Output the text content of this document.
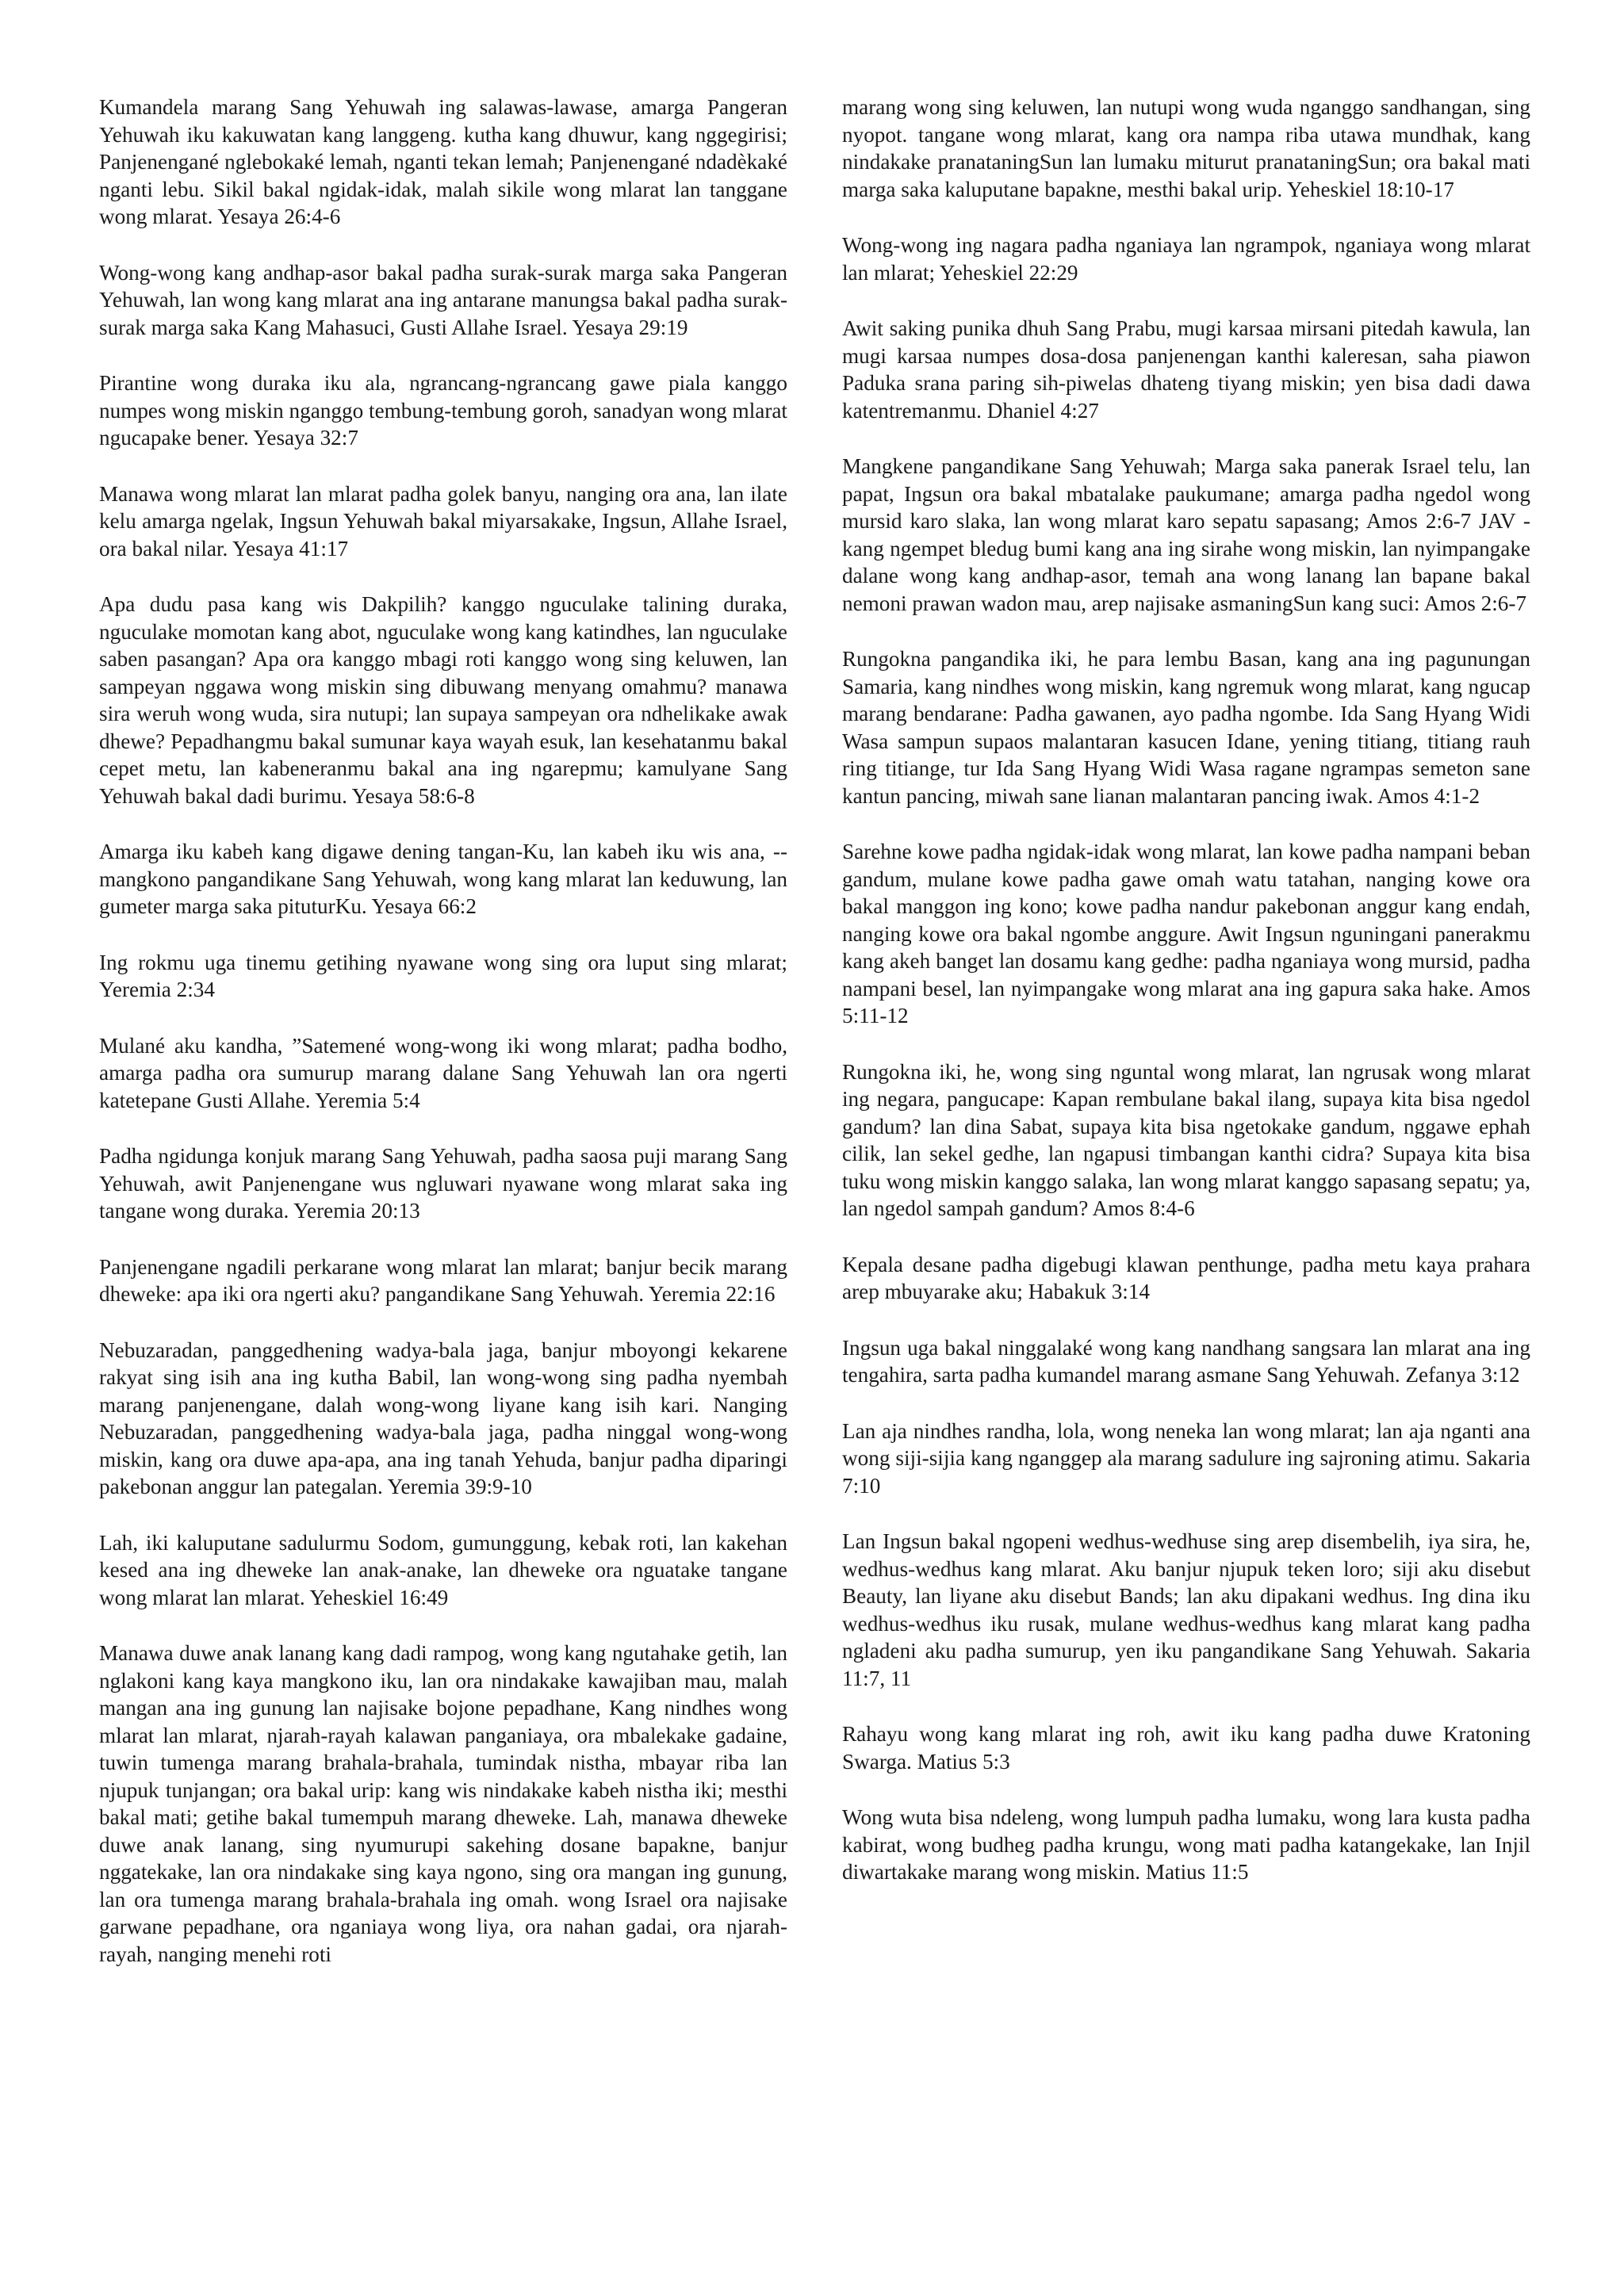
Kumandela marang Sang Yehuwah ing salawas-lawase, amarga Pangeran Yehuwah iku kakuwatan kang langgeng. kutha kang dhuwur, kang nggegirisi; Panjenengané nglebokaké lemah, nganti tekan lemah; Panjenengané ndadèkaké nganti lebu. Sikil bakal ngidak-idak, malah sikile wong mlarat lan tanggane wong mlarat. Yesaya 26:4-6

Wong-wong kang andhap-asor bakal padha surak-surak marga saka Pangeran Yehuwah, lan wong kang mlarat ana ing antarane manungsa bakal padha surak-surak marga saka Kang Mahasuci, Gusti Allahe Israel. Yesaya 29:19

Pirantine wong duraka iku ala, ngrancang-ngrancang gawe piala kanggo numpes wong miskin nganggo tembung-tembung goroh, sanadyan wong mlarat ngucapake bener. Yesaya 32:7

Manawa wong mlarat lan mlarat padha golek banyu, nanging ora ana, lan ilate kelu amarga ngelak, Ingsun Yehuwah bakal miyarsakake, Ingsun, Allahe Israel, ora bakal nilar. Yesaya 41:17

Apa dudu pasa kang wis Dakpilih? kanggo nguculake talining duraka, nguculake momotan kang abot, nguculake wong kang katindhes, lan nguculake saben pasangan? Apa ora kanggo mbagi roti kanggo wong sing keluwen, lan sampeyan nggawa wong miskin sing dibuwang menyang omahmu? manawa sira weruh wong wuda, sira nutupi; lan supaya sampeyan ora ndhelikake awak dhewe? Pepadhangmu bakal sumunar kaya wayah esuk, lan kesehatanmu bakal cepet metu, lan kabeneranmu bakal ana ing ngarepmu; kamulyane Sang Yehuwah bakal dadi burimu. Yesaya 58:6-8

Amarga iku kabeh kang digawe dening tangan-Ku, lan kabeh iku wis ana, -- mangkono pangandikane Sang Yehuwah, wong kang mlarat lan keduwung, lan gumeter marga saka pituturKu. Yesaya 66:2

Ing rokmu uga tinemu getihing nyawane wong sing ora luput sing mlarat; Yeremia 2:34

Mulané aku kandha, ”Satemené wong-wong iki wong mlarat; padha bodho, amarga padha ora sumurup marang dalane Sang Yehuwah lan ora ngerti katetepane Gusti Allahe. Yeremia 5:4

Padha ngidunga konjuk marang Sang Yehuwah, padha saosa puji marang Sang Yehuwah, awit Panjenengane wus ngluwari nyawane wong mlarat saka ing tangane wong duraka. Yeremia 20:13

Panjenengane ngadili perkarane wong mlarat lan mlarat; banjur becik marang dheweke: apa iki ora ngerti aku? pangandikane Sang Yehuwah. Yeremia 22:16

Nebuzaradan, panggedhening wadya-bala jaga, banjur mboyongi kekarene rakyat sing isih ana ing kutha Babil, lan wong-wong sing padha nyembah marang panjenengane, dalah wong-wong liyane kang isih kari. Nanging Nebuzaradan, panggedhening wadya-bala jaga, padha ninggal wong-wong miskin, kang ora duwe apa-apa, ana ing tanah Yehuda, banjur padha diparingi pakebonan anggur lan pategalan. Yeremia 39:9-10

Lah, iki kaluputane sadulurmu Sodom, gumunggung, kebak roti, lan kakehan kesed ana ing dheweke lan anak-anake, lan dheweke ora nguatake tangane wong mlarat lan mlarat. Yeheskiel 16:49

Manawa duwe anak lanang kang dadi rampog, wong kang ngutahake getih, lan nglakoni kang kaya mangkono iku, lan ora nindakake kawajiban mau, malah mangan ana ing gunung lan najisake bojone pepadhane, Kang nindhes wong mlarat lan mlarat, njarah-rayah kalawan panganiaya, ora mbalekake gadaine, tuwin tumenga marang brahala-brahala, tumindak nistha, mbayar riba lan njupuk tunjangan; ora bakal urip: kang wis nindakake kabeh nistha iki; mesthi bakal mati; getihe bakal tumempuh marang dheweke. Lah, manawa dheweke duwe anak lanang, sing nyumurupi sakehing dosane bapakne, banjur nggatekake, lan ora nindakake sing kaya ngono, sing ora mangan ing gunung, lan ora tumenga marang brahala-brahala ing omah. wong Israel ora najisake garwane pepadhane, ora nganiaya wong liya, ora nahan gadai, ora njarah-rayah, nanging menehi roti

marang wong sing keluwen, lan nutupi wong wuda nganggo sandhangan, sing nyopot. tangane wong mlarat, kang ora nampa riba utawa mundhak, kang nindakake pranataningSun lan lumaku miturut pranataningSun; ora bakal mati marga saka kaluputane bapakne, mesthi bakal urip. Yeheskiel 18:10-17

Wong-wong ing nagara padha nganiaya lan ngrampok, nganiaya wong mlarat lan mlarat; Yeheskiel 22:29

Awit saking punika dhuh Sang Prabu, mugi karsaa mirsani pitedah kawula, lan mugi karsaa numpes dosa-dosa panjenengan kanthi kaleresan, saha piawon Paduka srana paring sih-piwelas dhateng tiyang miskin; yen bisa dadi dawa katentremanmu. Dhaniel 4:27

Mangkene pangandikane Sang Yehuwah; Marga saka panerak Israel telu, lan papat, Ingsun ora bakal mbatalake paukumane; amarga padha ngedol wong mursid karo slaka, lan wong mlarat karo sepatu sapasang; Amos 2:6-7 JAV - kang ngempet bledug bumi kang ana ing sirahe wong miskin, lan nyimpangake dalane wong kang andhap-asor, temah ana wong lanang lan bapane bakal nemoni prawan wadon mau, arep najisake asmaningSun kang suci: Amos 2:6-7

Rungokna pangandika iki, he para lembu Basan, kang ana ing pagunungan Samaria, kang nindhes wong miskin, kang ngremuk wong mlarat, kang ngucap marang bendarane: Padha gawanen, ayo padha ngombe. Ida Sang Hyang Widi Wasa sampun supaos malantaran kasucen Idane, yening titiang, titiang rauh ring titiange, tur Ida Sang Hyang Widi Wasa ragane ngrampas semeton sane kantun pancing, miwah sane lianan malantaran pancing iwak. Amos 4:1-2

Sarehne kowe padha ngidak-idak wong mlarat, lan kowe padha nampani beban gandum, mulane kowe padha gawe omah watu tatahan, nanging kowe ora bakal manggon ing kono; kowe padha nandur pakebonan anggur kang endah, nanging kowe ora bakal ngombe anggure. Awit Ingsun nguningani panerakmu kang akeh banget lan dosamu kang gedhe: padha nganiaya wong mursid, padha nampani besel, lan nyimpangake wong mlarat ana ing gapura saka hake. Amos 5:11-12

Rungokna iki, he, wong sing nguntal wong mlarat, lan ngrusak wong mlarat ing negara, pangucape: Kapan rembulane bakal ilang, supaya kita bisa ngedol gandum? lan dina Sabat, supaya kita bisa ngetokake gandum, nggawe ephah cilik, lan sekel gedhe, lan ngapusi timbangan kanthi cidra? Supaya kita bisa tuku wong miskin kanggo salaka, lan wong mlarat kanggo sapasang sepatu; ya, lan ngedol sampah gandum? Amos 8:4-6

Kepala desane padha digebugi klawan penthunge, padha metu kaya prahara arep mbuyarake aku; Habakuk 3:14

Ingsun uga bakal ninggalaké wong kang nandhang sangsara lan mlarat ana ing tengahira, sarta padha kumandel marang asmane Sang Yehuwah. Zefanya 3:12

Lan aja nindhes randha, lola, wong neneka lan wong mlarat; lan aja nganti ana wong siji-sijia kang nganggep ala marang sadulure ing sajroning atimu. Sakaria 7:10

Lan Ingsun bakal ngopeni wedhus-wedhuse sing arep disembelih, iya sira, he, wedhus-wedhus kang mlarat. Aku banjur njupuk teken loro; siji aku disebut Beauty, lan liyane aku disebut Bands; lan aku dipakani wedhus. Ing dina iku wedhus-wedhus iku rusak, mulane wedhus-wedhus kang mlarat kang padha ngladeni aku padha sumurup, yen iku pangandikane Sang Yehuwah. Sakaria 11:7, 11

Rahayu wong kang mlarat ing roh, awit iku kang padha duwe Kratoning Swarga. Matius 5:3

Wong wuta bisa ndeleng, wong lumpuh padha lumaku, wong lara kusta padha kabirat, wong budheg padha krungu, wong mati padha katangekake, lan Injil diwartakake marang wong miskin. Matius 11:5
